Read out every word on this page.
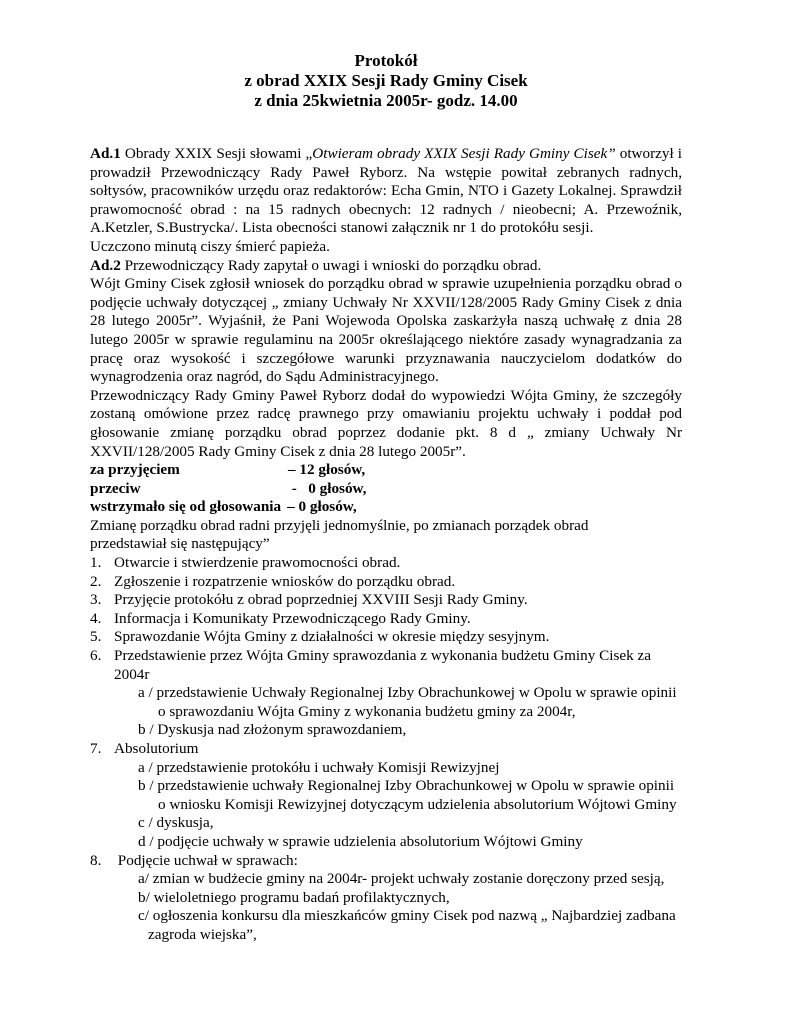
Protokół
z obrad XXIX Sesji Rady Gminy Cisek
z dnia 25kwietnia 2005r- godz. 14.00

Ad.1 Obrady XXIX Sesji słowami „Otwieram obrady XXIX Sesji Rady Gminy Cisek” otworzył i prowadził Przewodniczący Rady Paweł Ryborz. Na wstępie powitał zebranych radnych, sołtysów, pracowników urzędu oraz redaktorów: Echa Gmin, NTO i Gazety Lokalnej. Sprawdził prawomocność obrad : na 15 radnych obecnych: 12 radnych / nieobecni; A. Przewoźnik, A.Ketzler, S.Bustrycka/. Lista obecności stanowi załącznik nr 1 do protokółu sesji.

Uczczono minutą ciszy śmierć papieża.

Ad.2 Przewodniczący Rady zapytał o uwagi i wnioski do porządku obrad.

Wójt Gminy Cisek zgłosił wniosek do porządku obrad w sprawie uzupełnienia porządku obrad o podjęcie uchwały dotyczącej „ zmiany Uchwały Nr XXVII/128/2005 Rady Gminy Cisek z dnia 28 lutego 2005r”. Wyjaśnił, że Pani Wojewoda Opolska zaskarżyła naszą uchwałę z dnia 28 lutego 2005r w sprawie regulaminu na 2005r określającego niektóre zasady wynagradzania za pracę oraz wysokość i szczegółowe warunki przyznawania nauczycielom dodatków do wynagrodzenia oraz nagród, do Sądu Administracyjnego.

Przewodniczący Rady Gminy Paweł Ryborz dodał do wypowiedzi Wójta Gminy, że szczegóły zostaną omówione przez radcę prawnego przy omawianiu projektu uchwały i poddał pod głosowanie zmianę porządku obrad poprzez dodanie pkt. 8 d „ zmiany Uchwały Nr XXVII/128/2005 Rady Gminy Cisek z dnia 28 lutego 2005r”.

za przyjęciem	– 12 głosów,
przeciw	-   0 głosów,
wstrzymało się od głosowania – 0 głosów,

Zmianę porządku obrad radni przyjęli jednomyślnie, po zmianach porządek obrad przedstawiał się następujący”

1. Otwarcie i stwierdzenie prawomocności obrad.
2. Zgłoszenie i rozpatrzenie wniosków do porządku obrad.
3. Przyjęcie protokółu z obrad poprzedniej XXVIII Sesji Rady Gminy.
4. Informacja i Komunikaty Przewodniczącego Rady Gminy.
5. Sprawozdanie Wójta Gminy z działalności w okresie między sesyjnym.
6. Przedstawienie przez Wójta Gminy sprawozdania z wykonania budżetu Gminy Cisek za 2004r
a / przedstawienie Uchwały Regionalnej Izby Obrachunkowej w Opolu w sprawie opinii
o sprawozdaniu Wójta Gminy z wykonania budżetu gminy za 2004r,
b / Dyskusja nad złożonym sprawozdaniem,
7. Absolutorium
a / przedstawienie protokółu i uchwały Komisji Rewizyjnej
b / przedstawienie uchwały Regionalnej Izby Obrachunkowej w Opolu w sprawie opinii
o wniosku Komisji Rewizyjnej dotyczącym udzielenia absolutorium Wójtowi Gminy
c / dyskusja,
d / podjęcie uchwały w sprawie udzielenia absolutorium Wójtowi Gminy
8. Podjęcie uchwał w sprawach:
a/ zmian w budżecie gminy na 2004r- projekt uchwały zostanie doręczony przed sesją,
b/ wieloletniego programu badań profilaktycznych,
c/ ogłoszenia konkursu dla mieszkańców gminy Cisek pod nazwą „ Najbardziej zadbana
zagroda wiejska”,
